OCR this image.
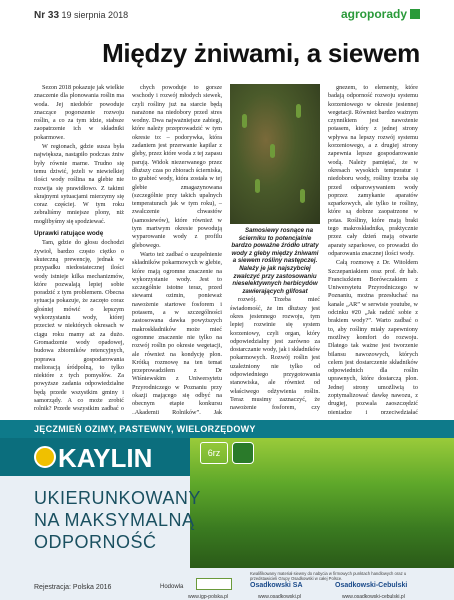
Nr 33 19 sierpnia 2018	agroporady
Między żniwami, a siewem

Sezon 2018 pokazuje jak wielkie znaczenie dla plonowania roślin ma woda. Jej niedobór powoduje znaczące pogorszenie rozwoju roślin, a co za tym idzie, stabsze zaopatrzenie ich w składniki pokarmowe.

W regionach, gdzie susza była największa, nastąpiło podczas żniw były równie marne. Trudno się temu dziwić, jeżeli w niewielkiej ilości wody roślina na glebie nie rozwija się prawidłowo. Z takimi skrajnymi sytuacjami mierzymy się coraz częściej. W tym roku zebraliśmy mniejsze plony, niż moglibyśmy się spodziewać.

Uprawki ratujące wodę

Tam, gdzie do głosu dochodzi żywioł, bardzo często ciężko o skuteczną prewencję, jednak w przypadku niedostatecznej ilości wody istnieje kilka mechanizmów, które pozwalają lepiej sobie poradzić z tym problemem. Obecna sytuacja pokazuje, że zaczęto coraz głośniej mówić o lepszym wykorzystaniu wody, której przecież w niektórych okresach w ciągu roku mamy aż za dużo. Gromadzenie wody opadowej, budowa zbiorników retencyjnych, poprawa gospodarowania melioracją śródpolną, to tylko niektóre z tych pomysłów. Za powyższe zadania odpowiedzialne będą przede wszystkim gminy i samorządy. A co może zrobić rolnik? Przede wszystkim zadbać o

chych powoduje to gorsze wschody i rozwój młodych siewek, czyli rośliny już na starcie będą narażone na niedobory przed stres wodny. Dwa najważniejsze zabiegi, które należy przeprowadzić w tym okresie to: – podorywka, która zadaniem jest przerwanie kapilar z gleby, przez które woda z tej zapasu parują. Widok niezerwanego przez dłuższy czas po zbiorach ścierniska, to grabieć wody, która została w tej glebie zmagazynowana (szczególnie przy takich upalnych temperaturach jak w tym roku), – zwalczenie chwastów (samosiewów), które również w tym martwym okresie powodują wyparowanie wody z profilu glebowego.

Warto też zadbać o uzupełnienie składników pokarmowych w glebie, które mają ogromne znaczenie na wykorzystanie wody. Jest to szczególnie istotne teraz, przed siewami ozimin, ponieważ nawożenie startowe fosforem i potasem, a w szczególności zastosowana dawka powyższych makroskładników może mieć ogromne znaczenie nie tylko na rozwój roślin po okresie wegetacji, ale również na kondycję plon. Krótką rozmowę na ten temat przeprowadziłem z Dr Wiśniewskim z Uniwersytetu Przyrodniczego w Poznaniu przy okazji mającego się odbyć na obecnym etapie konkursu „Akademii Rolników”. Jak

Samosiewy rosnące na ścierniku to potencjalnie bardzo poważne źródło utraty wody z gleby między żniwami a siewem rośliny następczej. Należy je jak najszybciej zwalczyć przy zastosowaniu nieselektywnych herbicydów zawierających glifosat

rozwój. Trzeba mieć świadomość, że im dłuższy jest okres jesiennego rozwoju, tym lepiej rozwinie się system korzeniowy, czyli organ, który odpowiedzialny jest zarówno za dostarczanie wody, jak i składników pokarmowych. Rozwój roślin jest uzależniony nie tylko od odpowiedniego przygotowania stanowiska, ale również od właściwego odżywienia roślin. Teraz musimy zaznaczyć, że nawożenie fosforem, czy

gnezem, to elementy, które badają odporność rozwoju systemu korzeniowego w okresie jesiennej wegetacji. Również bardzo ważnym czynnikiem jest nawożenie potasem, który z jednej strony wpływa na lepszy rozwój systemu korzeniowego, a z drugiej strony zapewnia lepsze gospodarowanie wodą. Należy pamiętać, że w okresach wysokich temperatur i niedoboru wody, rośliny trzeba się przed odparowywaniem wody poprzez zamykanie aparatów szparkowych, ale tylko te rośliny, które są dobrze zaopatrzone w potas. Rośliny, które mają braki tego makroskładnika, praktycznie przez cały dzień mają otwarte aparaty szparkowe, co prowadzi do odparowania znacznej ilości wody.

Całą rozmowę z Dr. Witoldem Szczepaniakiem oraz prof. dr hab. Franciszkiem Borówczakiem z Uniwersytetu Przyrodniczego w Poznaniu, można przesłuchać na kanale „AR” w serwisie youtube, w odcinku #20 „Jak radzić sobie z brakiem wody?”. Warto zadbać o to, aby rośliny miały zapewniony możliwy komfort do rozwoju. Dlatego tak ważne jest tworzenie bilansu nawozowych, których celem jest dostarczenie składników odpowiednich dla roślin uprawnych, które dostarczą plon. Jednej strony umożliwią to zoptymalizować dawkę nawozu, z drugiej, pozwala zaoszczędzić pieniądze i przeciwdziałać

JĘCZMIEŃ OZIMY, PASTEWNY, WIELORZĘDOWY
KAYLIN	6rz
UKIERUNKOWANY
NA MAKSYMALNĄ
ODPORNOŚĆ
Kwalifikowany materiał siewny do nabycia w firmowych punktach handlowych oraz u przedstawicieli Grupy Osadkowski w całej Polsce.
Rejestracja: Polska 2016	Hodowla
www.igp-polska.pl
Osadkowski SA	Osadkowski-Cebulski
www.osadkowski.pl	www.osadkowski-cebulski.pl
